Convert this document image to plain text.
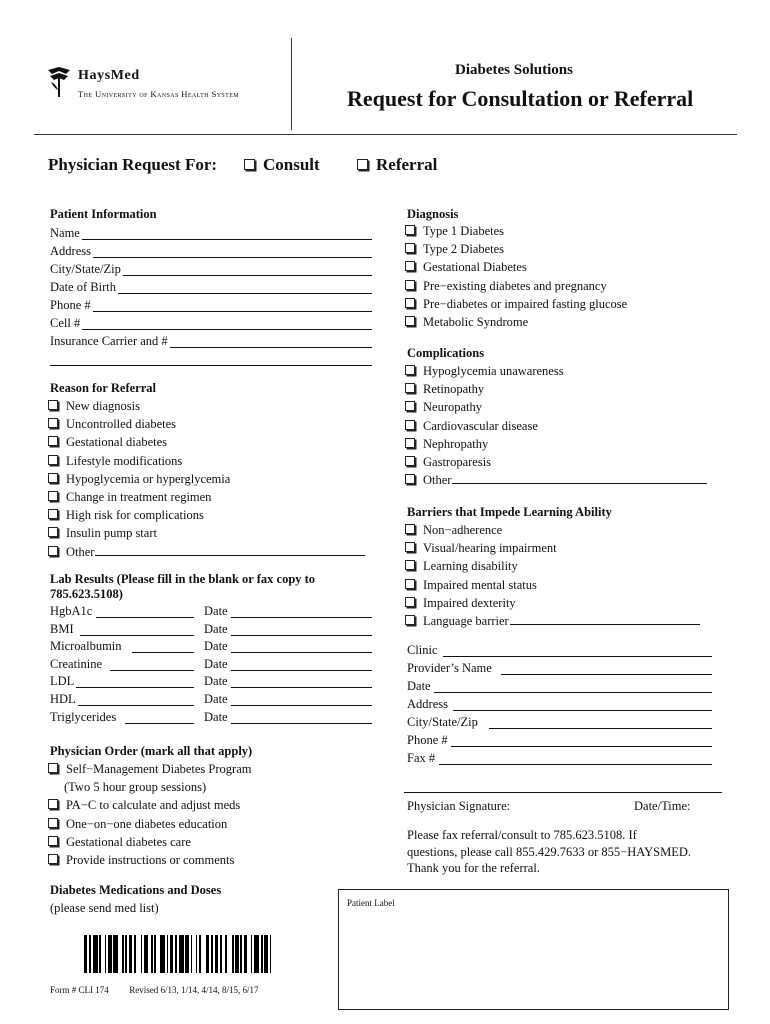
HaysMed
The University of Kansas Health System
Diabetes Solutions
Request for Consultation or Referral
Physician Request For:	Consult	Referral
Patient Information
Name
Address
City/State/Zip
Date of Birth
Phone #
Cell #
Insurance Carrier and #
Reason for Referral
New diagnosis
Uncontrolled diabetes
Gestational diabetes
Lifestyle modifications
Hypoglycemia or hyperglycemia
Change in treatment regimen
High risk for complications
Insulin pump start
Other
Lab Results (Please fill in the blank or fax copy to
785.623.5108)
HgbA1c	Date
BMI	Date
Microalbumin	Date
Creatinine	Date
LDL	Date
HDL	Date
Triglycerides	Date
Physician Order (mark all that apply)
Self−Management Diabetes Program
(Two 5 hour group sessions)
PA−C to calculate and adjust meds
One−on−one diabetes education
Gestational diabetes care
Provide instructions or comments
Diabetes Medications and Doses
(please send med list)
Diagnosis
Type 1 Diabetes
Type 2 Diabetes
Gestational Diabetes
Pre−existing diabetes and pregnancy
Pre−diabetes or impaired fasting glucose
Metabolic Syndrome
Complications
Hypoglycemia unawareness
Retinopathy
Neuropathy
Cardiovascular disease
Nephropathy
Gastroparesis
Other
Barriers that Impede Learning Ability
Non−adherence
Visual/hearing impairment
Learning disability
Impaired mental status
Impaired dexterity
Language barrier
Clinic
Provider’s Name
Date
Address
City/State/Zip
Phone #
Fax #
Physician Signature:	Date/Time:
Please fax referral/consult to 785.623.5108. If
questions, please call 855.429.7633 or 855−HAYSMED.
Thank you for the referral.
Patient Label
Form # CLI 174 Revised 6/13, 1/14, 4/14, 8/15, 6/17
